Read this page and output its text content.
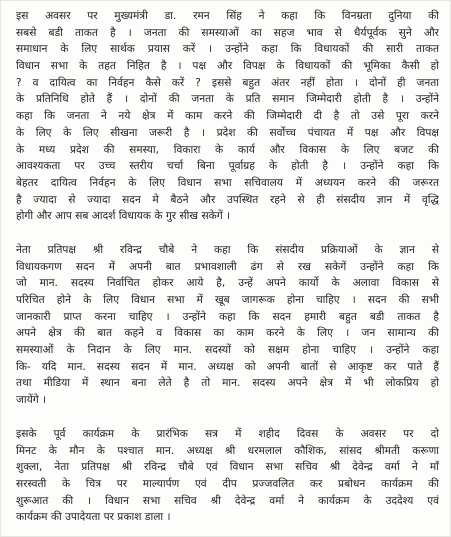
इस अवसर पर मुख्यमंत्री डा. रमन सिंह ने कहा कि विनम्रता दुनिया की
सबसे बडी ताकत है । जनता की समस्याओं का सहज भाव से धैर्यपूर्वक सुने और
समाधान के लिए सार्थक प्रयास करें । उन्होंने कहा कि विधायकों की सारी ताकत
विधान सभा के तहत निहित है । पक्ष और विपक्ष के विधायकों की भूमिका कैसी हो
? व दायित्व का निर्वहन कैसे करें ? इससे बहुत अंतर नहीं होता । दोनों ही जनता
के प्रतिनिधि होते हैं । दोनों की जनता के प्रति समान जिम्मेदारी होती है । उन्होंने
कहा कि जनता ने नये क्षेत्र में काम करने की जिम्मेदारी दी है तो उसे पूरा करने
के लिए के लिए सीखना जरूरी है । प्रदेश की सर्वोच्च पंचायत में पक्ष और विपक्ष
के मध्य प्रदेश की समस्या, विकारा के कार्य और विकास के लिए बजट की
आवश्यकता पर उच्च स्तरीय चर्चा बिना पूर्वाग्रह के होती है । उन्होंने कहा कि
बेहतर दायित्व निर्वहन के लिए विधान सभा सचिवालय में अध्ययन करने की जरूरत
है ज्यादा से ज्यादा सदन मे बैठने और उपस्थित रहने से ही संसदीय ज्ञान में वृद्धि
होगी और आप सब आदर्श विधायक के गुर सीख सकेगें ।
नेता प्रतिपक्ष श्री रविन्द्र चौबे ने कहा कि संसदीय प्रक्रियाओं के ज्ञान से
विधायकगण सदन में अपनी बात प्रभावशाली ढंग से रख सकेगें उन्होंने कहा कि
जो मान. सदस्य निर्वाचित होकर आये है, उन्हें अपने कार्यो के अलावा विकास से
परिचित होने के लिए विधान सभा में खूब जागरूक होना चाहिए । सदन की सभी
जानकारी प्राप्त करना चाहिए । उन्होंने कहा कि सदन हमारी बहुत बडी ताकत है
अपने क्षेत्र की बात कहने व विकास का काम करने के लिए । जन सामान्य की
समस्याओं के निदान के लिए मान. सदस्यों को सक्षम होना चाहिए । उन्होंने कहा
कि- यदि मान. सदस्य सदन में मान. अध्यक्ष को अपनी बातों से आकृष्ट कर पाते हैं
तथा मीडिया में स्थान बना लेते है तो मान. सदस्य अपने क्षेत्र में भी लोकप्रिय हो
जायेंगे ।
इसके पूर्व कार्यक्रम के प्रारंभिक सत्र में शहीद दिवस के अवसर पर दो
मिनट के मौन के पश्चात मान. अध्यक्ष श्री धरमलाल कौशिक, सांसद श्रीमती करूणा
शुक्ला, नेता प्रतिपक्ष श्री रविन्द्र चौबे एवं विधान सभा सचिव श्री देवेन्द्र वर्मा ने माँ
सरस्वती के चित्र पर माल्यार्पण एवं दीप प्रज्जवलित कर प्रबोधन कार्यक्रम की
शुरूआत की । विधान सभा सचिव श्री देवेन्द्र वर्मा ने कार्यक्रम के उददेश्य एवं
कार्यक्रम की उपादेयता पर प्रकाश डाला ।
